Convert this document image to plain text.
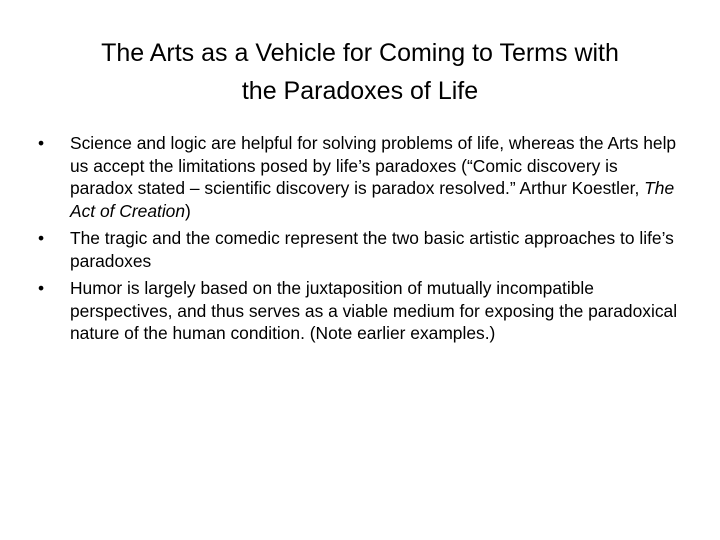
The Arts as a Vehicle for Coming to Terms with
the Paradoxes of Life
• Science and logic are helpful for solving problems of life, whereas the Arts help us accept the limitations posed by life’s paradoxes (“Comic discovery is paradox stated – scientific discovery is paradox resolved.” Arthur Koestler, The Act of Creation)
• The tragic and the comedic represent the two basic artistic approaches to life’s paradoxes
• Humor is largely based on the juxtaposition of mutually incompatible perspectives, and thus serves as a viable medium for exposing the paradoxical nature of the human condition. (Note earlier examples.)
